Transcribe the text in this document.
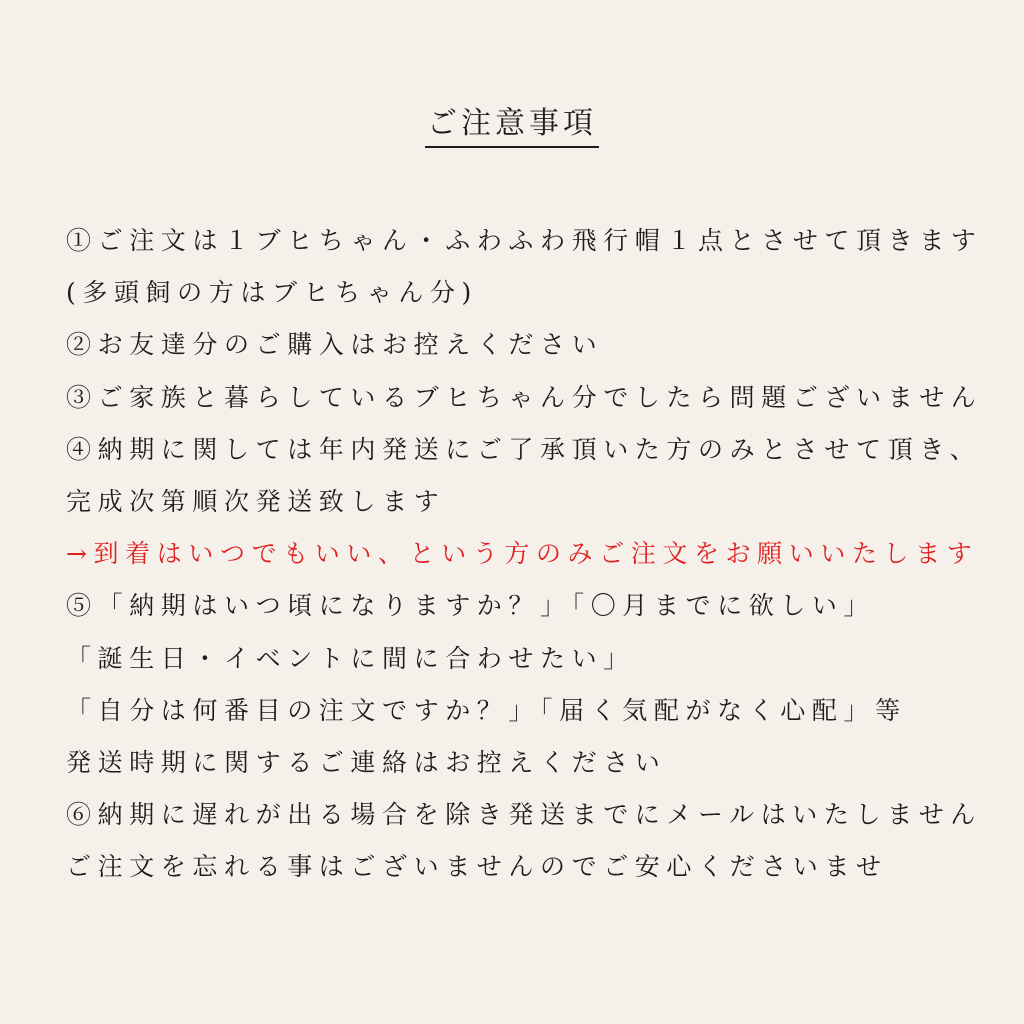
ご注意事項
①ご注文は１ブヒちゃん・ふわふわ飛行帽１点とさせて頂きます
(多頭飼の方はブヒちゃん分)
②お友達分のご購入はお控えください
③ご家族と暮らしているブヒちゃん分でしたら問題ございません
④納期に関しては年内発送にご了承頂いた方のみとさせて頂き、
完成次第順次発送致します
→到着はいつでもいい、という方のみご注文をお願いいたします
⑤「納期はいつ頃になりますか？」「〇月までに欲しい」
「誕生日・イベントに間に合わせたい」
「自分は何番目の注文ですか？」「届く気配がなく心配」等
発送時期に関するご連絡はお控えください
⑥納期に遅れが出る場合を除き発送までにメールはいたしません
ご注文を忘れる事はございませんのでご安心くださいませ
